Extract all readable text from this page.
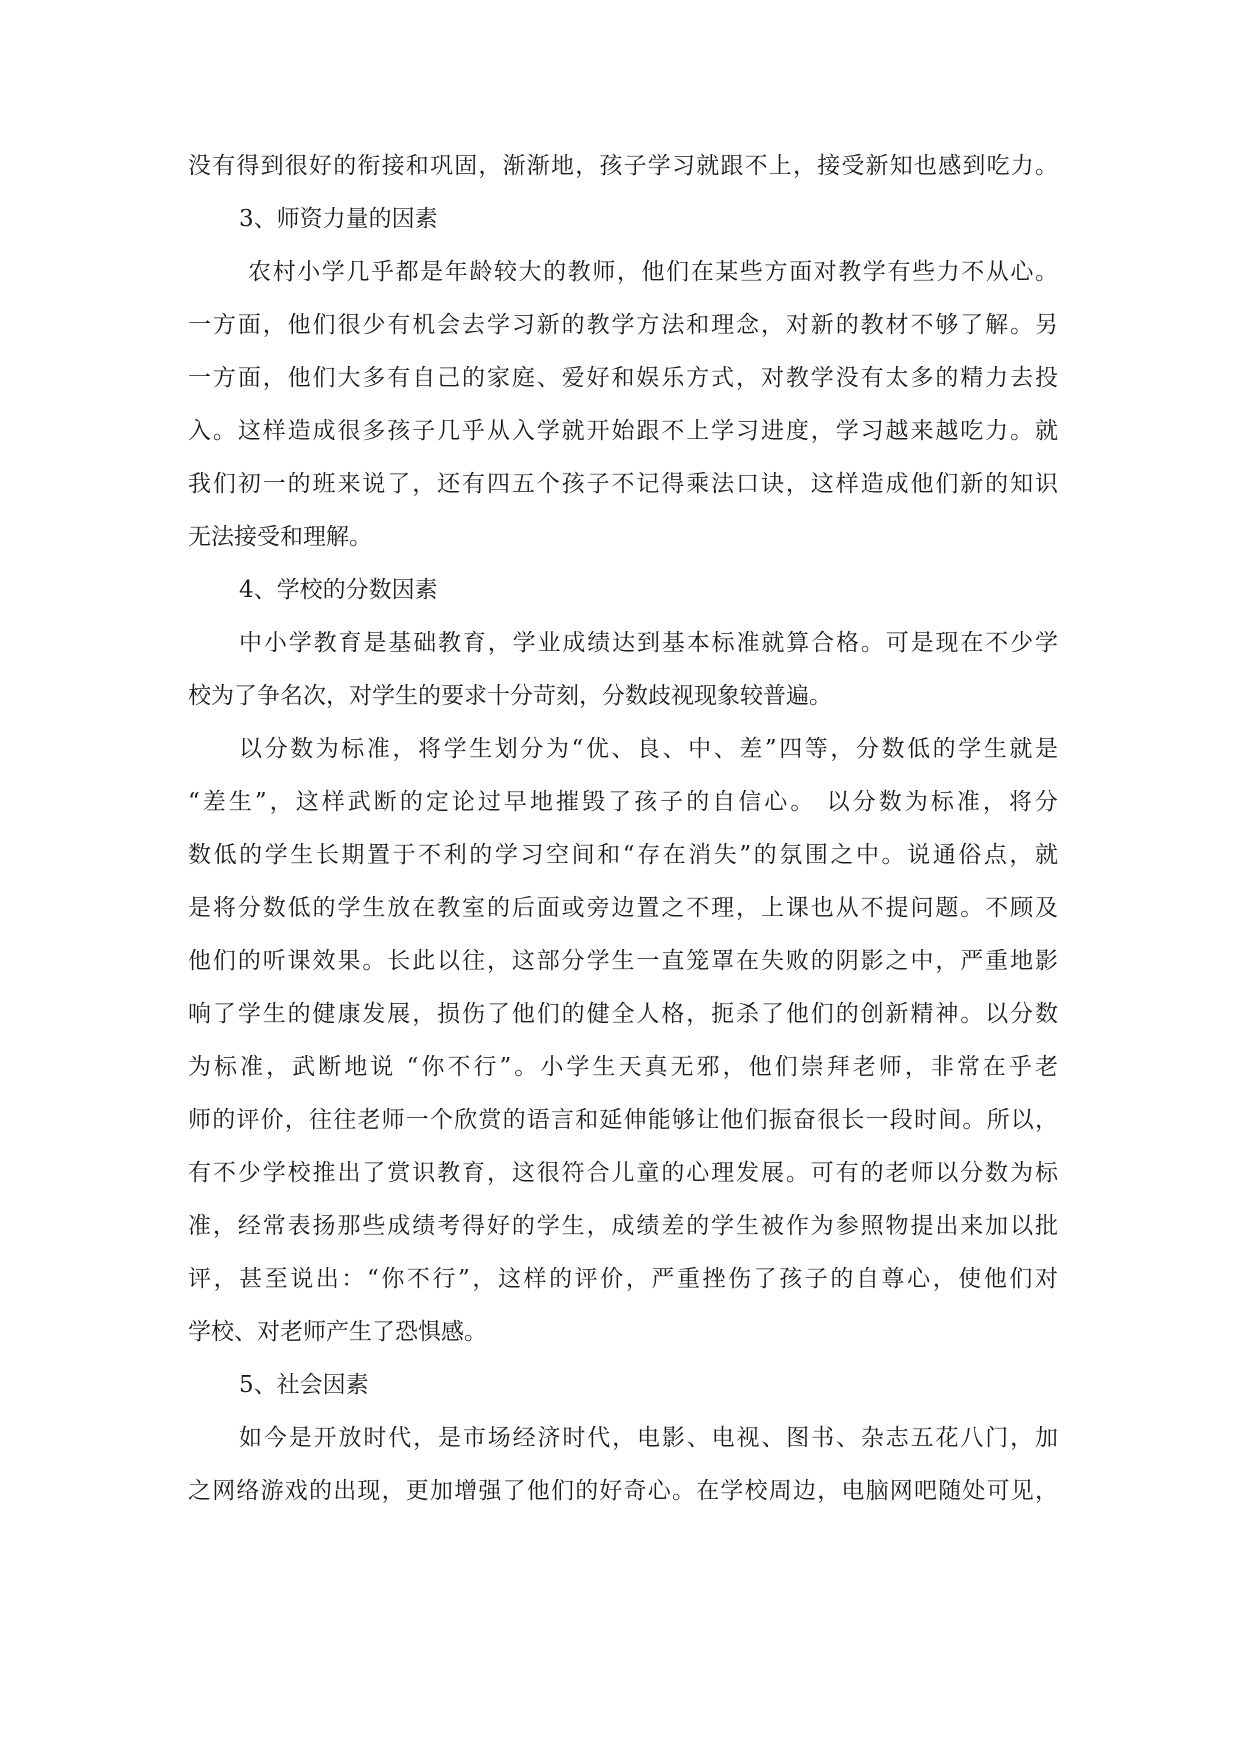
没有得到很好的衔接和巩固，渐渐地，孩子学习就跟不上，接受新知也感到吃力。
3、师资力量的因素
农村小学几乎都是年龄较大的教师，他们在某些方面对教学有些力不从心。
一方面，他们很少有机会去学习新的教学方法和理念，对新的教材不够了解。另
一方面，他们大多有自己的家庭、爱好和娱乐方式，对教学没有太多的精力去投
入。这样造成很多孩子几乎从入学就开始跟不上学习进度，学习越来越吃力。就
我们初一的班来说了，还有四五个孩子不记得乘法口诀，这样造成他们新的知识
无法接受和理解。
4、学校的分数因素
中小学教育是基础教育，学业成绩达到基本标准就算合格。可是现在不少学
校为了争名次，对学生的要求十分苛刻，分数歧视现象较普遍。
以分数为标准，将学生划分为“优、良、中、差”四等，分数低的学生就是
“差生”，这样武断的定论过早地摧毁了孩子的自信心。 以分数为标准，将分
数低的学生长期置于不利的学习空间和“存在消失”的氛围之中。说通俗点，就
是将分数低的学生放在教室的后面或旁边置之不理，上课也从不提问题。不顾及
他们的听课效果。长此以往，这部分学生一直笼罩在失败的阴影之中，严重地影
响了学生的健康发展，损伤了他们的健全人格，扼杀了他们的创新精神。以分数
为标准，武断地说 “你不行”。小学生天真无邪，他们崇拜老师，非常在乎老
师的评价，往往老师一个欣赏的语言和延伸能够让他们振奋很长一段时间。所以，
有不少学校推出了赏识教育，这很符合儿童的心理发展。可有的老师以分数为标
准，经常表扬那些成绩考得好的学生，成绩差的学生被作为参照物提出来加以批
评，甚至说出：“你不行”，这样的评价，严重挫伤了孩子的自尊心，使他们对
学校、对老师产生了恐惧感。
5、社会因素
如今是开放时代，是市场经济时代，电影、电视、图书、杂志五花八门，加
之网络游戏的出现，更加增强了他们的好奇心。在学校周边，电脑网吧随处可见，
